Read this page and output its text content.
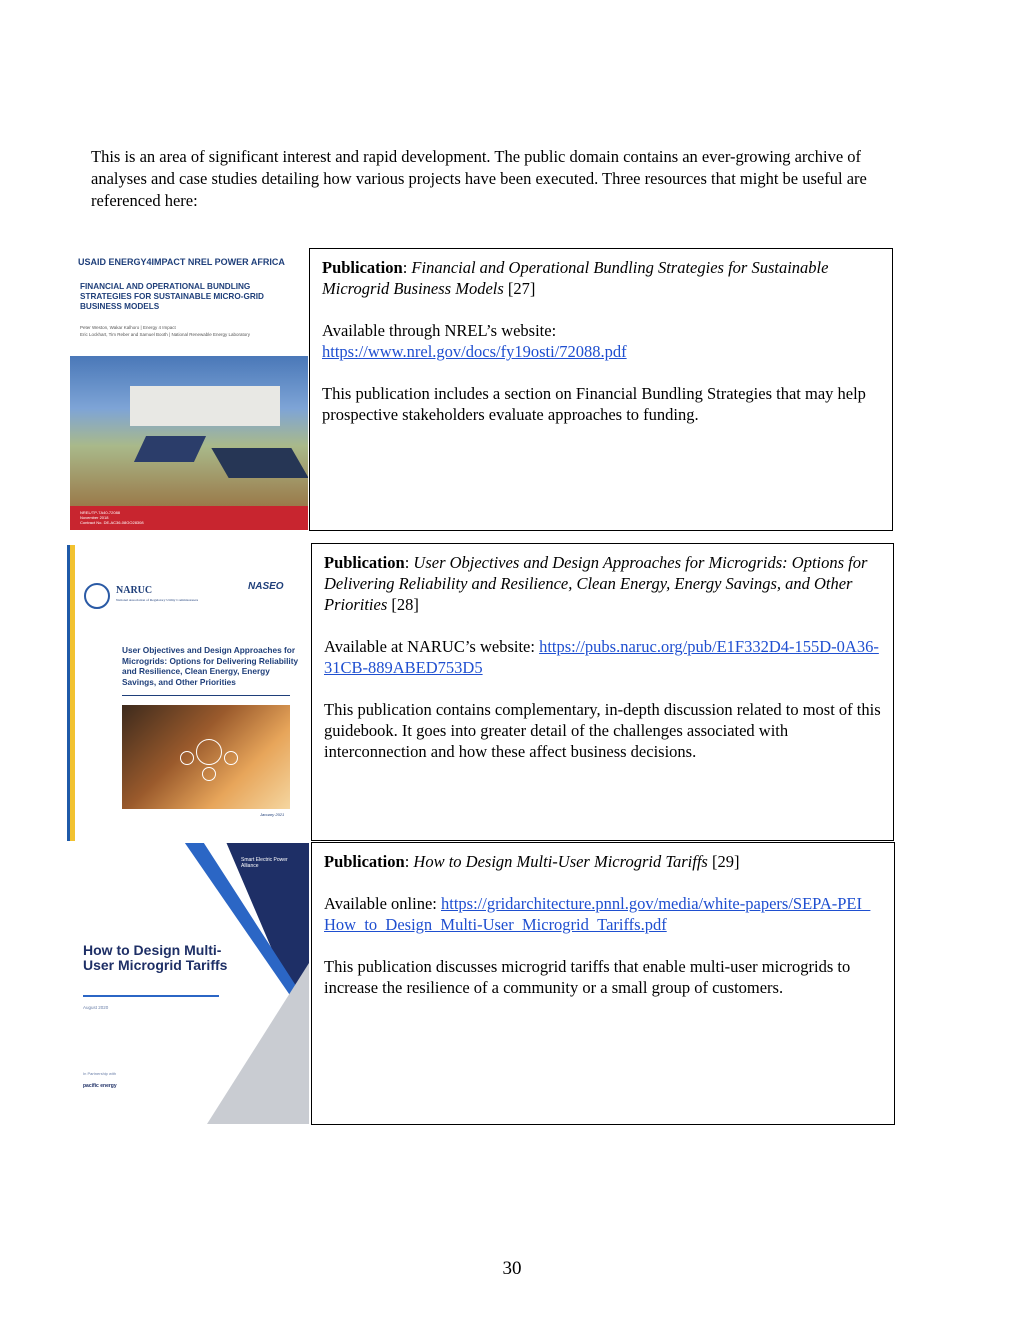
This is an area of significant interest and rapid development. The public domain contains an ever-growing archive of analyses and case studies detailing how various projects have been executed. Three resources that might be useful are referenced here:

USAID ENERGY4IMPACT NREL POWER AFRICA
FINANCIAL AND OPERATIONAL BUNDLING STRATEGIES FOR SUSTAINABLE MICRO-GRID BUSINESS MODELS
Peter Weston, Wakar Kalhoro | Energy 4 Impact
Eric Lockhart, Tim Reber and Samuel Booth | National Renewable Energy Laboratory
NREL/TP-7A40-72088
November 2018
Contract No. DE-AC36-08GO28308

Publication: Financial and Operational Bundling Strategies for Sustainable Microgrid Business Models [27]

Available through NREL’s website:
https://www.nrel.gov/docs/fy19osti/72088.pdf

This publication includes a section on Financial Bundling Strategies that may help prospective stakeholders evaluate approaches to funding.

NARUC
National Association of Regulatory Utility Commissioners
NASEO
User Objectives and Design Approaches for Microgrids: Options for Delivering Reliability and Resilience, Clean Energy, Energy Savings, and Other Priorities
January 2021

Publication: User Objectives and Design Approaches for Microgrids: Options for Delivering Reliability and Resilience, Clean Energy, Energy Savings, and Other Priorities [28]

Available at NARUC’s website: https://pubs.naruc.org/pub/E1F332D4-155D-0A36-31CB-889ABED753D5

This publication contains complementary, in-depth discussion related to most of this guidebook. It goes into greater detail of the challenges associated with interconnection and how these affect business decisions.

Smart Electric Power Alliance
How to Design Multi-User Microgrid Tariffs
August 2020
In Partnership with
pacific energy

Publication: How to Design Multi-User Microgrid Tariffs [29]

Available online: https://gridarchitecture.pnnl.gov/media/white-papers/SEPA-PEI_How_to_Design_Multi-User_Microgrid_Tariffs.pdf

This publication discusses microgrid tariffs that enable multi-user microgrids to increase the resilience of a community or a small group of customers.

30
